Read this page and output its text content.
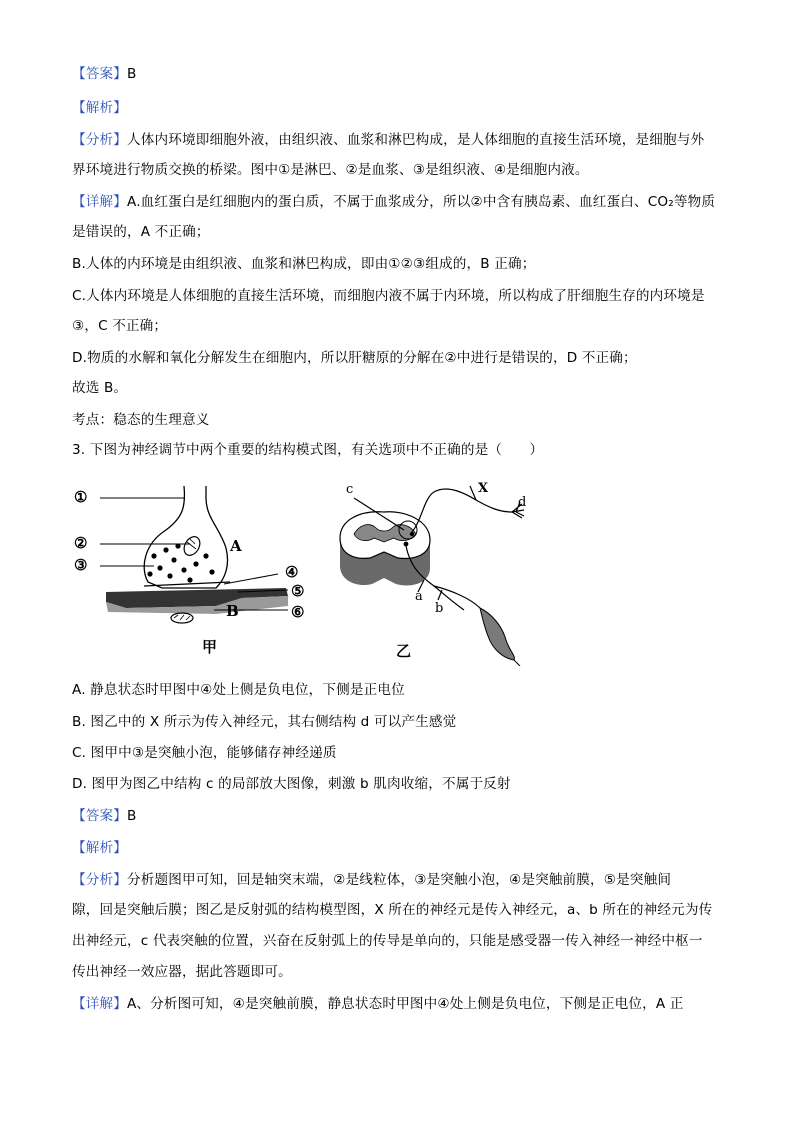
【答案】B
【解析】
【分析】人体内环境即细胞外液，由组织液、血浆和淋巴构成，是人体细胞的直接生活环境，是细胞与外
界环境进行物质交换的桥梁。图中①是淋巴、②是血浆、③是组织液、④是细胞内液。
【详解】A.血红蛋白是红细胞内的蛋白质，不属于血浆成分，所以②中含有胰岛素、血红蛋白、CO₂等物质
是错误的，A 不正确；
B.人体的内环境是由组织液、血浆和淋巴构成，即由①②③组成的，B 正确；
C.人体内环境是人体细胞的直接生活环境，而细胞内液不属于内环境，所以构成了肝细胞生存的内环境是
③，C 不正确；
D.物质的水解和氧化分解发生在细胞内，所以肝糖原的分解在②中进行是错误的，D 不正确；
故选 B。
考点：稳态的生理意义
3. 下图为神经调节中两个重要的结构模式图，有关选项中不正确的是（　　）
①
②
③	④
⑤
⑥
A
B
甲
c	X
d
a
b
乙
A. 静息状态时甲图中④处上侧是负电位，下侧是正电位
B. 图乙中的 X 所示为传入神经元，其右侧结构 d 可以产生感觉
C. 图甲中③是突触小泡，能够储存神经递质
D. 图甲为图乙中结构 c 的局部放大图像，刺激 b 肌肉收缩，不属于反射
【答案】B
【解析】
【分析】分析题图甲可知，回是轴突末端，②是线粒体，③是突触小泡，④是突触前膜，⑤是突触间
隙，回是突触后膜；图乙是反射弧的结构模型图，X 所在的神经元是传入神经元，a、b 所在的神经元为传
出神经元，c 代表突触的位置，兴奋在反射弧上的传导是单向的，只能是感受器一传入神经一神经中枢一
传出神经一效应器，据此答题即可。
【详解】A、分析图可知，④是突触前膜，静息状态时甲图中④处上侧是负电位，下侧是正电位，A 正
